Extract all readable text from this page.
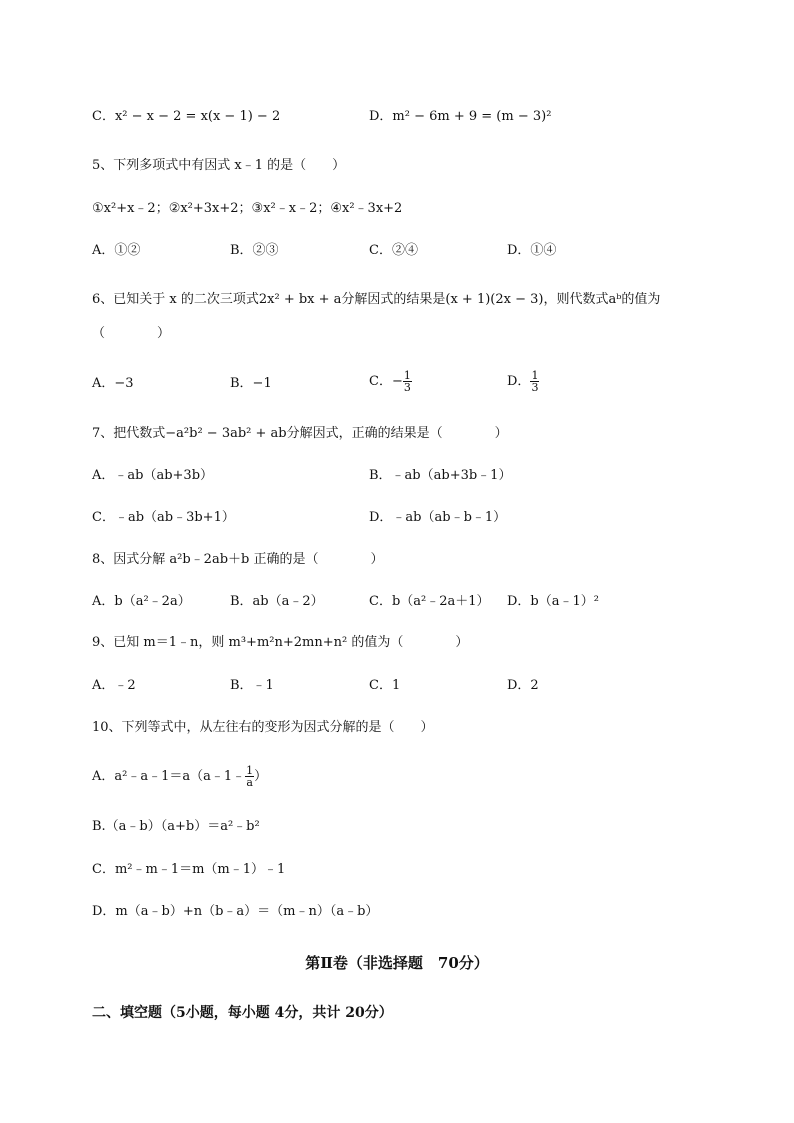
C．x² − x − 2 = x(x − 1) − 2	D．m² − 6m + 9 = (m − 3)²
5、下列多项式中有因式 x﹣1 的是（　　）
①x²+x﹣2；②x²+3x+2；③x²﹣x﹣2；④x²﹣3x+2
A．①②	B．②③	C．②④	D．①④
6、已知关于 x 的二次三项式2x² + bx + a分解因式的结果是(x + 1)(2x − 3)，则代数式aᵇ的值为
（　　　　）
A．−3	B．−1	C．− $\frac{1}{3}$	D． $\frac{1}{3}$
7、把代数式−a²b² − 3ab² + ab分解因式，正确的结果是（　　　　）
A．﹣ab（ab+3b）	B．﹣ab（ab+3b﹣1）
C．﹣ab（ab﹣3b+1）	D．﹣ab（ab﹣b﹣1）
8、因式分解 a²b﹣2ab＋b 正确的是（　　　　）
A．b（a²﹣2a）	B．ab（a﹣2）	C．b（a²﹣2a＋1） D．b（a﹣1）²
9、已知 m＝1﹣n，则 m³+m²n+2mn+n² 的值为（　　　　）
A．﹣2	B．﹣1	C．1	D．2
10、下列等式中，从左往右的变形为因式分解的是（　　）
A．a²﹣a﹣1＝a（a﹣1﹣ $\frac{1}{a}$ ）
B.（a﹣b）（a+b）＝a²﹣b²
C．m²﹣m﹣1＝m（m﹣1）﹣1
D．m（a﹣b）+n（b﹣a）＝（m﹣n）（a﹣b）
第Ⅱ卷（非选择题　70分）
二、填空题（5小题，每小题 4分，共计 20分）
